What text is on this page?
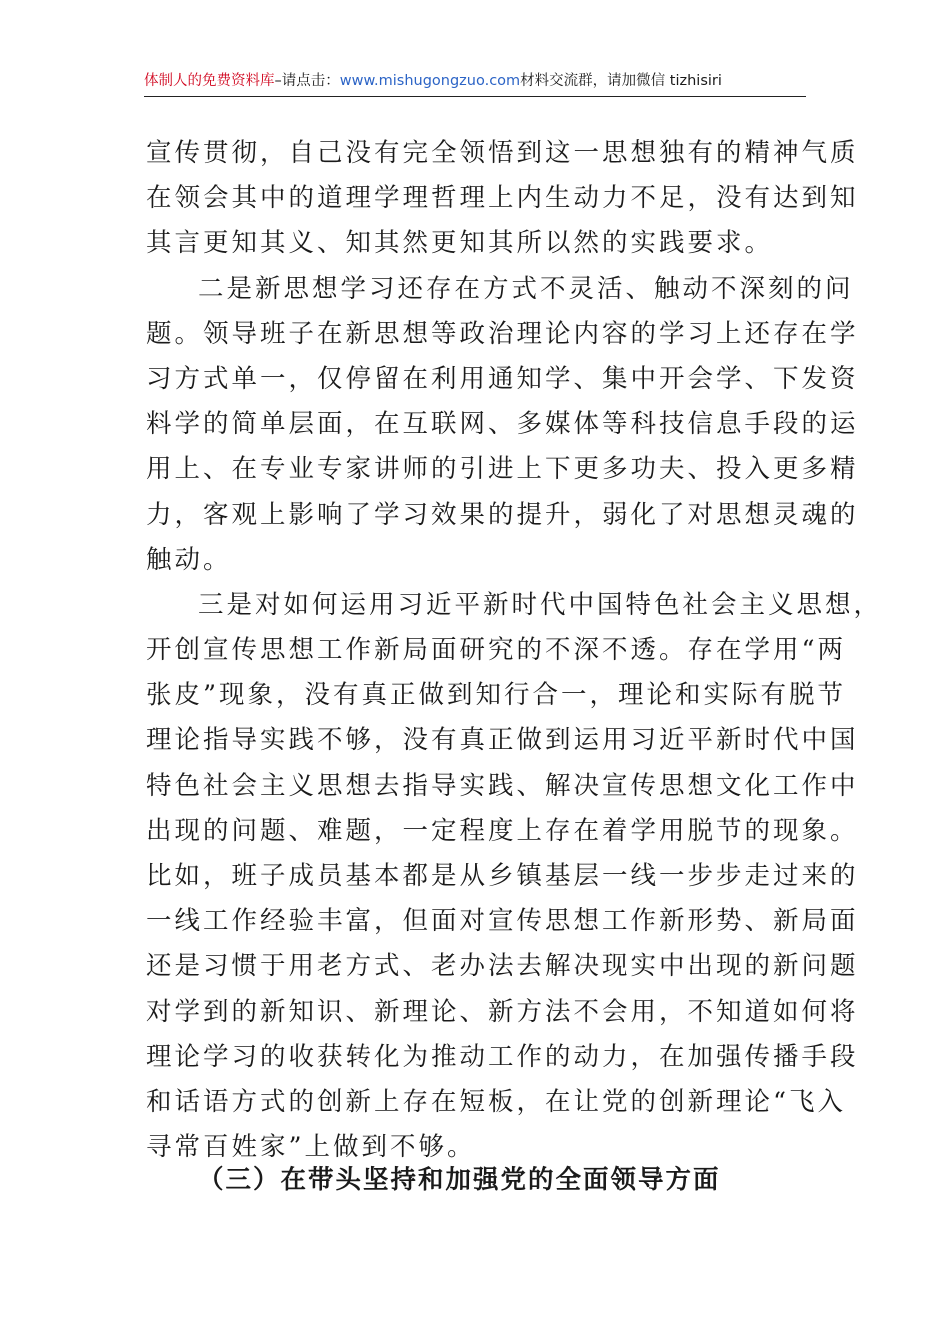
体制人的免费资料库–请点击：www.mishugongzuo.com材料交流群，请加微信 tizhisiri
宣传贯彻，自己没有完全领悟到这一思想独有的精神气质
在领会其中的道理学理哲理上内生动力不足，没有达到知
其言更知其义、知其然更知其所以然的实践要求。
二是新思想学习还存在方式不灵活、触动不深刻的问
题。领导班子在新思想等政治理论内容的学习上还存在学
习方式单一，仅停留在利用通知学、集中开会学、下发资
料学的简单层面，在互联网、多媒体等科技信息手段的运
用上、在专业专家讲师的引进上下更多功夫、投入更多精
力，客观上影响了学习效果的提升，弱化了对思想灵魂的
触动。
三是对如何运用习近平新时代中国特色社会主义思想，
开创宣传思想工作新局面研究的不深不透。存在学用“两
张皮”现象，没有真正做到知行合一，理论和实际有脱节
理论指导实践不够，没有真正做到运用习近平新时代中国
特色社会主义思想去指导实践、解决宣传思想文化工作中
出现的问题、难题，一定程度上存在着学用脱节的现象。
比如，班子成员基本都是从乡镇基层一线一步步走过来的
一线工作经验丰富，但面对宣传思想工作新形势、新局面
还是习惯于用老方式、老办法去解决现实中出现的新问题
对学到的新知识、新理论、新方法不会用，不知道如何将
理论学习的收获转化为推动工作的动力，在加强传播手段
和话语方式的创新上存在短板，在让党的创新理论“飞入
寻常百姓家”上做到不够。
（三）在带头坚持和加强党的全面领导方面
